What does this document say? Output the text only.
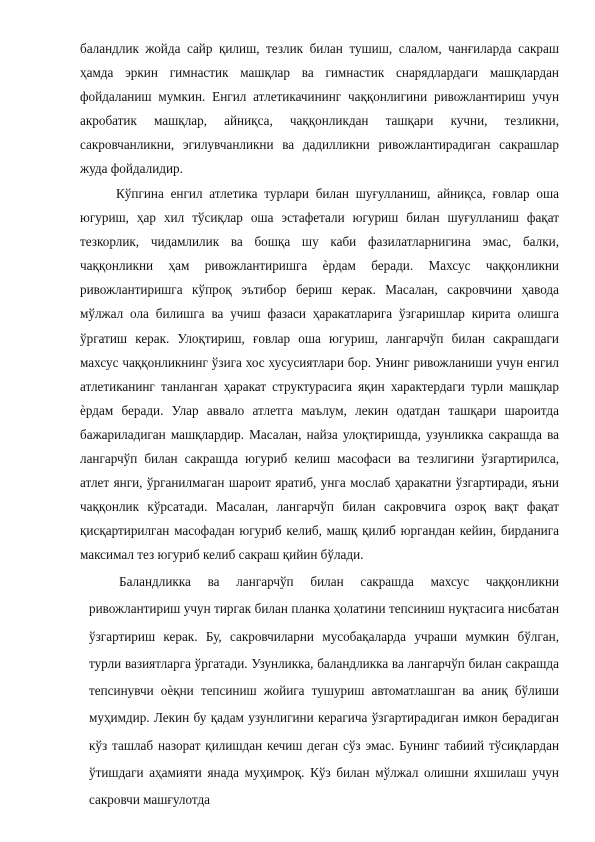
баландлик жойда сайр қилиш, тезлик билан тушиш, слалом, чанғиларда сакраш ҳамда эркин гимнастик машқлар ва гимнастик снарядлардаги машқлардан фойдаланиш мумкин. Енгил атлетикачининг чаққонлигини ривожлантириш учун акробатик машқлар, айниқса, чаққонликдан ташқари кучни, тезликни, сакровчанликни, эгилувчанликни ва дадилликни ривожлантирадиган сакрашлар жуда фойдалидир.

Кўпгина енгил атлетика турлари билан шуғулланиш, айниқса, ғовлар оша югуриш, ҳар хил тўсиқлар оша эстафетали югуриш билан шуғулланиш фақат тезкорлик, чидамлилик ва бошқа шу каби фазилатларнигина эмас, балки, чаққонликни ҳам ривожлантиришга ѐрдам беради. Махсус чаққонликни ривожлантиришга кўпроқ эътибор бериш керак. Масалан, сакровчини ҳавода мўлжал ола билишга ва учиш фазаси ҳаракатларига ўзгаришлар кирита олишга ўргатиш керак. Улоқтириш, ғовлар оша югуриш, лангарчўп билан сакрашдаги махсус чаққонликнинг ўзига хос хусусиятлари бор. Унинг ривожланиши учун енгил атлетиканинг танланган ҳаракат структурасига яқин характердаги турли машқлар ѐрдам беради. Улар аввало атлетга маълум, лекин одатдан ташқари шароитда бажариладиган машқлардир. Масалан, найза улоқтиришда, узунликка сакрашда ва лангарчўп билан сакрашда югуриб келиш масофаси ва тезлигини ўзгартирилса, атлет янги, ўрганилмаган шароит яратиб, унга мослаб ҳаракатни ўзгартиради, яъни чаққонлик кўрсатади. Масалан, лангарчўп билан сакровчига озроқ вақт фақат қисқартирилган масофадан югуриб келиб, машқ қилиб юргандан кейин, бирданига максимал тез югуриб келиб сакраш қийин бўлади.

Баландликка ва лангарчўп билан сакрашда махсус чаққонликни ривожлантириш учун тиргак билан планка ҳолатини тепсиниш нуқтасига нисбатан ўзгартириш керак. Бу, сакровчиларни мусобақаларда учраши мумкин бўлган, турли вазиятларга ўргатади. Узунликка, баландликка ва лангарчўп билан сакрашда тепсинувчи оѐқни тепсиниш жойига тушуриш автоматлашган ва аниқ бўлиши муҳимдир. Лекин бу қадам узунлигини керагича ўзгартирадиган имкон берадиган кўз ташлаб назорат қилишдан кечиш деган сўз эмас. Бунинг табиий тўсиқлардан ўтишдаги аҳамияти янада муҳимроқ. Кўз билан мўлжал олишни яхшилаш учун сакровчи машғулотда
